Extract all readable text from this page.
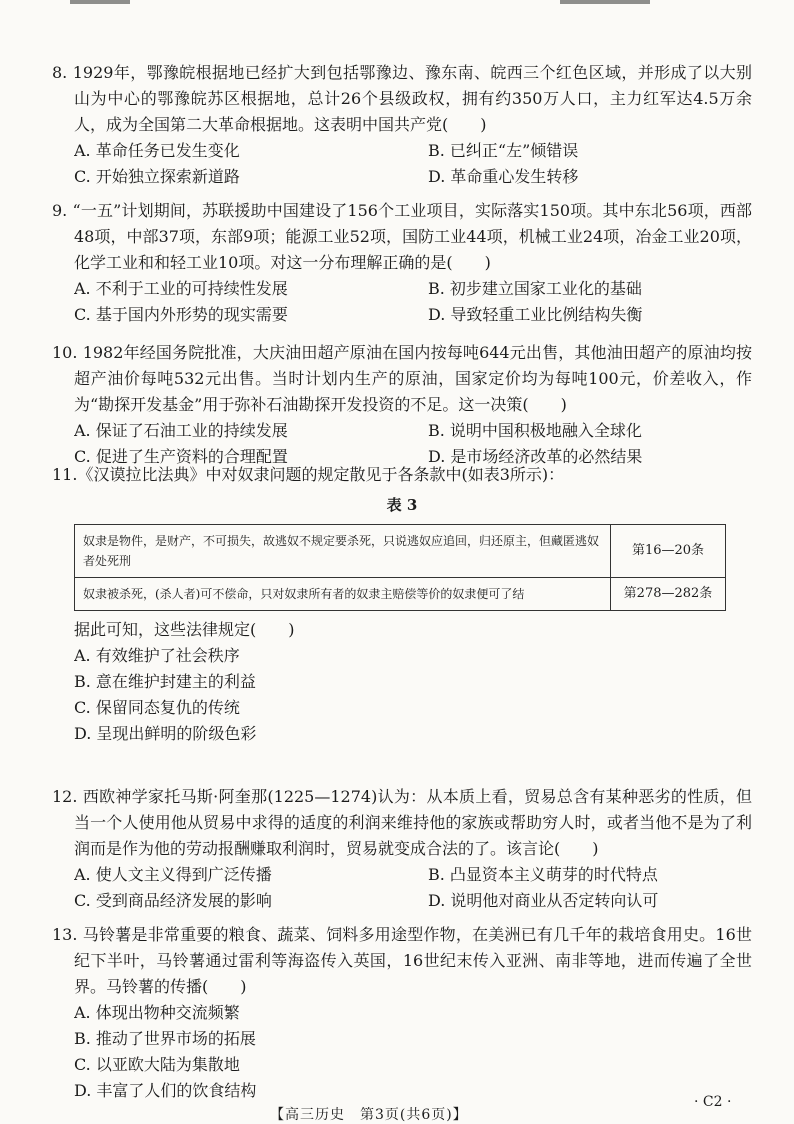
8. 1929年，鄂豫皖根据地已经扩大到包括鄂豫边、豫东南、皖西三个红色区域，并形成了以大别山为中心的鄂豫皖苏区根据地，总计26个县级政权，拥有约350万人口，主力红军达4.5万余人，成为全国第二大革命根据地。这表明中国共产党(　　)

A. 革命任务已发生变化	B. 已纠正“左”倾错误
C. 开始独立探索新道路	D. 革命重心发生转移

9. “一五”计划期间，苏联援助中国建设了156个工业项目，实际落实150项。其中东北56项，西部48项，中部37项，东部9项；能源工业52项，国防工业44项，机械工业24项，冶金工业20项，化学工业和和轻工业10项。对这一分布理解正确的是(　　)

A. 不利于工业的可持续性发展	B. 初步建立国家工业化的基础
C. 基于国内外形势的现实需要	D. 导致轻重工业比例结构失衡

10. 1982年经国务院批准，大庆油田超产原油在国内按每吨644元出售，其他油田超产的原油均按超产油价每吨532元出售。当时计划内生产的原油，国家定价均为每吨100元，价差收入，作为“勘探开发基金”用于弥补石油勘探开发投资的不足。这一决策(　　)

A. 保证了石油工业的持续发展	B. 说明中国积极地融入全球化
C. 促进了生产资料的合理配置	D. 是市场经济改革的必然结果

11.《汉谟拉比法典》中对奴隶问题的规定散见于各条款中(如表3所示)：

表 3
奴隶是物件，是财产，不可损失，故逃奴不规定要杀死，只说逃奴应追回，归还原主，但藏匿逃奴者处死刑	第16—20条
奴隶被杀死，(杀人者)可不偿命，只对奴隶所有者的奴隶主赔偿等价的奴隶便可了结	第278—282条
据此可知，这些法律规定(　　)
A. 有效维护了社会秩序
B. 意在维护封建主的利益
C. 保留同态复仇的传统
D. 呈现出鲜明的阶级色彩

12. 西欧神学家托马斯·阿奎那(1225—1274)认为：从本质上看，贸易总含有某种恶劣的性质，但当一个人使用他从贸易中求得的适度的利润来维持他的家族或帮助穷人时，或者当他不是为了利润而是作为他的劳动报酬赚取利润时，贸易就变成合法的了。该言论(　　)

A. 使人文主义得到广泛传播	B. 凸显资本主义萌芽的时代特点
C. 受到商品经济发展的影响	D. 说明他对商业从否定转向认可

13. 马铃薯是非常重要的粮食、蔬菜、饲料多用途型作物，在美洲已有几千年的栽培食用史。16世纪下半叶，马铃薯通过雷利等海盗传入英国，16世纪末传入亚洲、南非等地，进而传遍了全世界。马铃薯的传播(　　)

A. 体现出物种交流频繁
B. 推动了世界市场的拓展
C. 以亚欧大陆为集散地
D. 丰富了人们的饮食结构
· C2 ·
【高三历史　第3页(共6页)】
